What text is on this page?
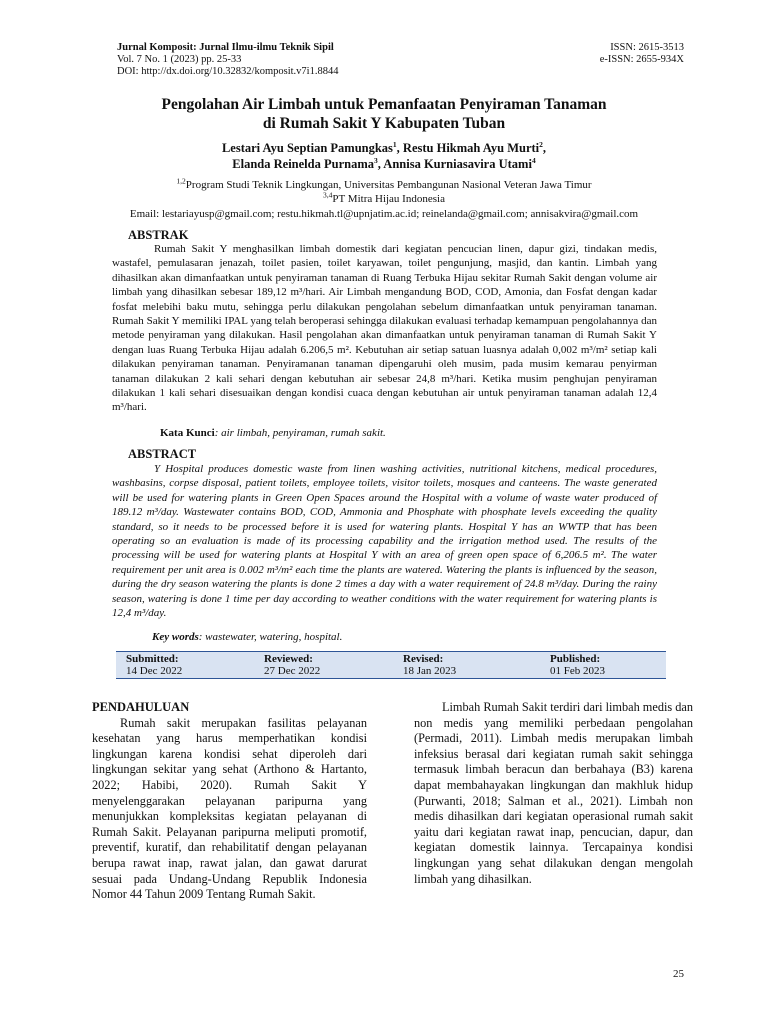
Jurnal Komposit: Jurnal Ilmu-ilmu Teknik Sipil
Vol. 7 No. 1 (2023) pp. 25-33
DOI: http://dx.doi.org/10.32832/komposit.v7i1.8844
ISSN: 2615-3513
e-ISSN: 2655-934X
Pengolahan Air Limbah untuk Pemanfaatan Penyiraman Tanaman
di Rumah Sakit Y Kabupaten Tuban
Lestari Ayu Septian Pamungkas$^1$, Restu Hikmah Ayu Murti$^2$,
Elanda Reinelda Purnama$^3$, Annisa Kurniasavira Utami$^4$
$^{1,2}$Program Studi Teknik Lingkungan, Universitas Pembangunan Nasional Veteran Jawa Timur
$^{3,4}$PT Mitra Hijau Indonesia
Email: lestariayusp@gmail.com; restu.hikmah.tl@upnjatim.ac.id; reinelanda@gmail.com; annisakvira@gmail.com
ABSTRAK

Rumah Sakit Y menghasilkan limbah domestik dari kegiatan pencucian linen, dapur gizi, tindakan medis, wastafel, pemulasaran jenazah, toilet pasien, toilet karyawan, toilet pengunjung, masjid, dan kantin. Limbah yang dihasilkan akan dimanfaatkan untuk penyiraman tanaman di Ruang Terbuka Hijau sekitar Rumah Sakit dengan volume air limbah yang dihasilkan sebesar 189,12 m³/hari. Air Limbah mengandung BOD, COD, Amonia, dan Fosfat dengan kadar fosfat melebihi baku mutu, sehingga perlu dilakukan pengolahan sebelum dimanfaatkan untuk penyiraman tanaman. Rumah Sakit Y memiliki IPAL yang telah beroperasi sehingga dilakukan evaluasi terhadap kemampuan pengolahannya dan metode penyiraman yang dilakukan. Hasil pengolahan akan dimanfaatkan untuk penyiraman tanaman di Rumah Sakit Y dengan luas Ruang Terbuka Hijau adalah 6.206,5 m². Kebutuhan air setiap satuan luasnya adalah 0,002 m³/m² setiap kali dilakukan penyiraman tanaman. Penyiramanan tanaman dipengaruhi oleh musim, pada musim kemarau penyirman tanaman dilakukan 2 kali sehari dengan kebutuhan air sebesar 24,8 m³/hari. Ketika musim penghujan penyiraman dilakukan 1 kali sehari disesuaikan dengan kondisi cuaca dengan kebutuhan air untuk penyiraman tanaman adalah 12,4 m³/hari.

Kata Kunci: air limbah, penyiraman, rumah sakit.
ABSTRACT

Y Hospital produces domestic waste from linen washing activities, nutritional kitchens, medical procedures, washbasins, corpse disposal, patient toilets, employee toilets, visitor toilets, mosques and canteens. The waste generated will be used for watering plants in Green Open Spaces around the Hospital with a volume of waste water produced of 189.12 m³/day. Wastewater contains BOD, COD, Ammonia and Phosphate with phosphate levels exceeding the quality standard, so it needs to be processed before it is used for watering plants. Hospital Y has an WWTP that has been operating so an evaluation is made of its processing capability and the irrigation method used. The results of the processing will be used for watering plants at Hospital Y with an area of green open space of 6,206.5 m². The water requirement per unit area is 0.002 m³/m² each time the plants are watered. Watering the plants is influenced by the season, during the dry season watering the plants is done 2 times a day with a water requirement of 24.8 m³/day. During the rainy season, watering is done 1 time per day according to weather conditions with the water requirement for watering plants is 12,4 m³/day.

Key words: wastewater, watering, hospital.
Submitted:
14 Dec 2022
Reviewed:
27 Dec 2022
Revised:
18 Jan 2023
Published:
01 Feb 2023
PENDAHULUAN

Rumah sakit merupakan fasilitas pelayanan kesehatan yang harus memperhatikan kondisi lingkungan karena kondisi sehat diperoleh dari lingkungan sekitar yang sehat (Arthono & Hartanto, 2022; Habibi, 2020). Rumah Sakit Y menyelenggarakan pelayanan paripurna yang menunjukkan kompleksitas kegiatan pelayanan di Rumah Sakit. Pelayanan paripurna meliputi promotif, preventif, kuratif, dan rehabilitatif dengan pelayanan berupa rawat inap, rawat jalan, dan gawat darurat sesuai pada Undang-Undang Republik Indonesia Nomor 44 Tahun 2009 Tentang Rumah Sakit.

Limbah Rumah Sakit terdiri dari limbah medis dan non medis yang memiliki perbedaan pengolahan (Permadi, 2011). Limbah medis merupakan limbah infeksius berasal dari kegiatan rumah sakit sehingga termasuk limbah beracun dan berbahaya (B3) karena dapat membahayakan lingkungan dan makhluk hidup (Purwanti, 2018; Salman et al., 2021). Limbah non medis dihasilkan dari kegiatan operasional rumah sakit yaitu dari kegiatan rawat inap, pencucian, dapur, dan kegiatan domestik lainnya. Tercapainya kondisi lingkungan yang sehat dilakukan dengan mengolah limbah yang dihasilkan.

25
